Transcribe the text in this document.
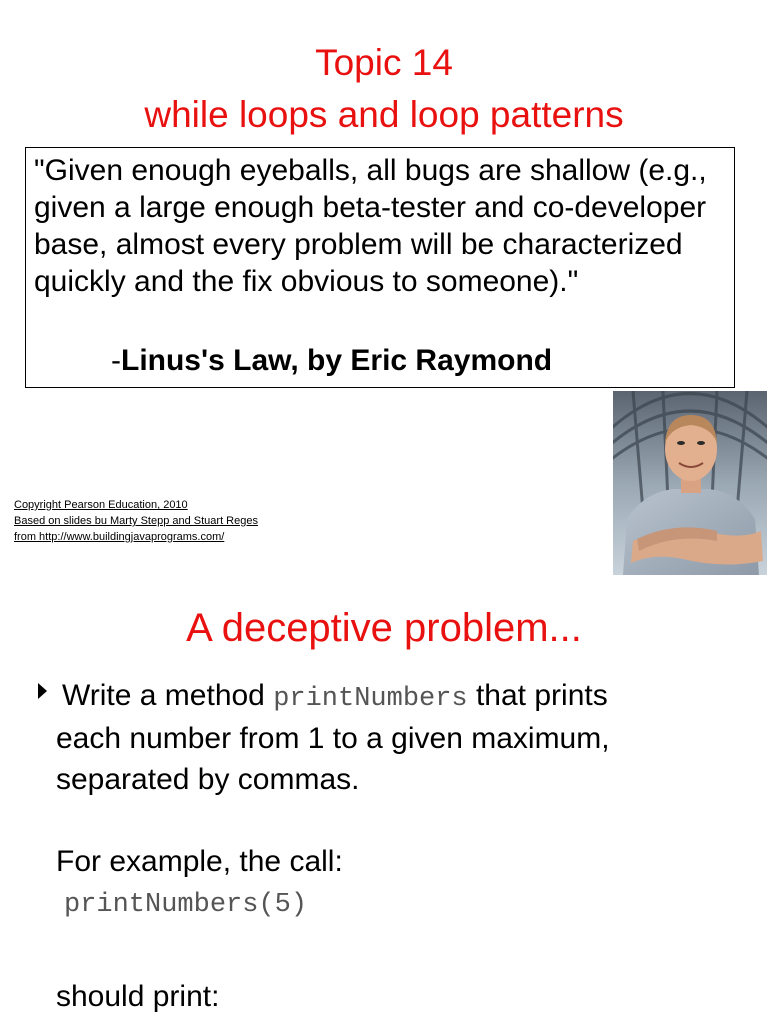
Topic 14
while loops and loop patterns
"Given enough eyeballs, all bugs are shallow (e.g., given a large enough beta-tester and co-developer base, almost every problem will be characterized quickly and the fix obvious to someone)."
-Linus's Law, by Eric Raymond
Copyright Pearson Education, 2010
Based on slides bu Marty Stepp and Stuart Reges
from http://www.buildingjavaprograms.com/
A deceptive problem...
Write a method printNumbers that prints
each number from 1 to a given maximum,
separated by commas.
For example, the call:
printNumbers(5)
should print:
